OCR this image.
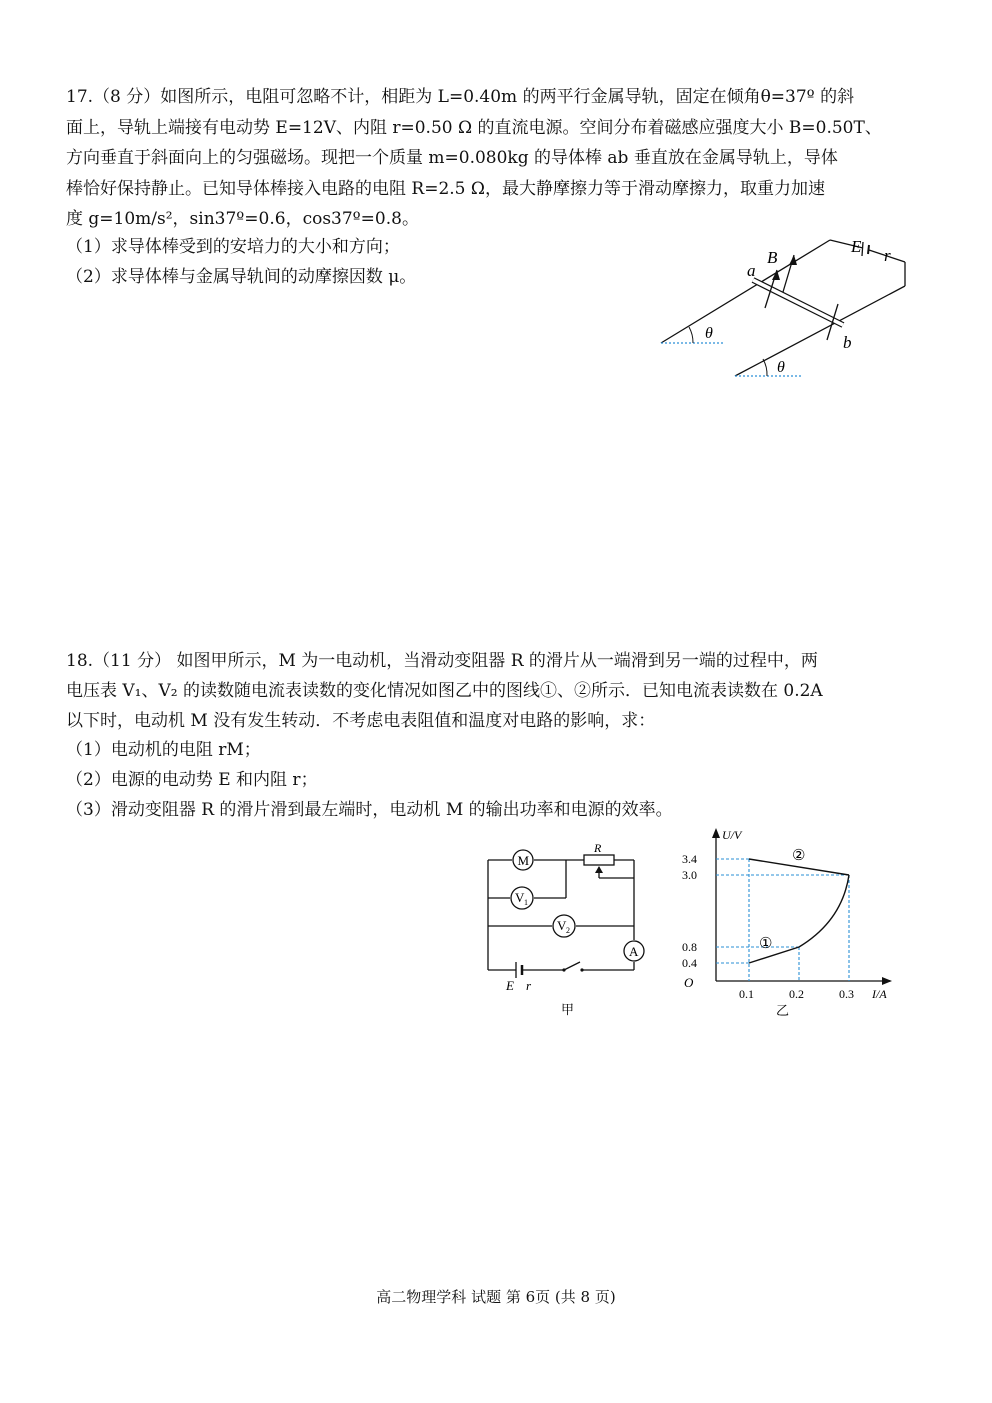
17.（8 分）如图所示，电阻可忽略不计，相距为 L=0.40m 的两平行金属导轨，固定在倾角θ=37º 的斜
面上，导轨上端接有电动势 E=12V、内阻 r=0.50 Ω 的直流电源。空间分布着磁感应强度大小 B=0.50T、
方向垂直于斜面向上的匀强磁场。现把一个质量 m=0.080kg 的导体棒 ab 垂直放在金属导轨上，导体
棒恰好保持静止。已知导体棒接入电路的电阻 R=2.5 Ω，最大静摩擦力等于滑动摩擦力，取重力加速
度 g=10m/s²，sin37º=0.6，cos37º=0.8。
（1）求导体棒受到的安培力的大小和方向；
（2）求导体棒与金属导轨间的动摩擦因数 μ。
B
E r
a
b
θ
θ
18.（11 分） 如图甲所示，M 为一电动机，当滑动变阻器 R 的滑片从一端滑到另一端的过程中，两
电压表 V₁、V₂ 的读数随电流表读数的变化情况如图乙中的图线①、②所示．已知电流表读数在 0.2A
以下时，电动机 M 没有发生转动．不考虑电表阻值和温度对电路的影响，求：
（1）电动机的电阻 rM；
（2）电源的电动势 E 和内阻 r；
（3）滑动变阻器 R 的滑片滑到最左端时，电动机 M 的输出功率和电源的效率。
M
V 1
V 2
A
R
E r
甲
3.4
3.0
0.8
0.4
0.1	0.2	0.3
O
U/V
I/A
②
①
乙
高二物理学科 试题 第 6页 (共 8 页)
